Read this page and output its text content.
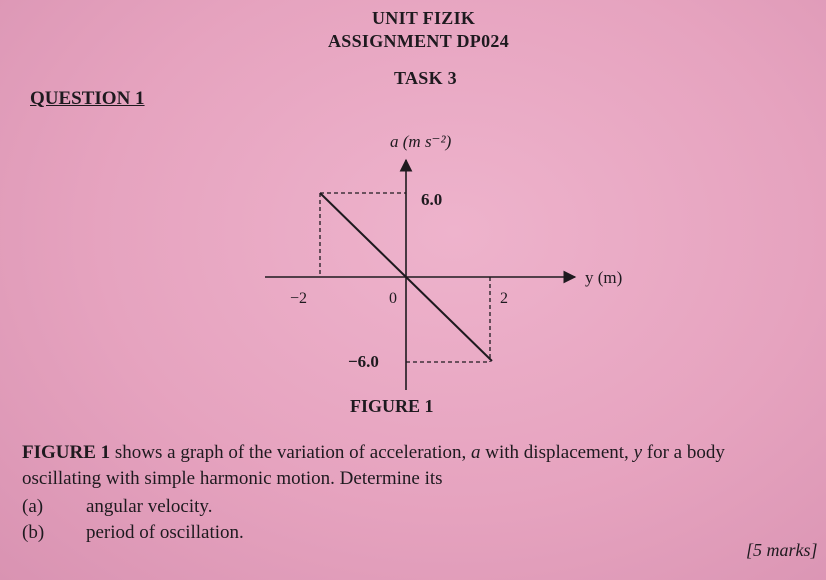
UNIT FIZIK
ASSIGNMENT DP024
TASK 3
QUESTION 1
a (m s⁻²)
y (m)
6.0
−6.0
−2	0	2
FIGURE 1
FIGURE 1 shows a graph of the variation of acceleration, a with displacement, y for a body
oscillating with simple harmonic motion. Determine its
(a) angular velocity.
(b) period of oscillation.
[5 marks]
